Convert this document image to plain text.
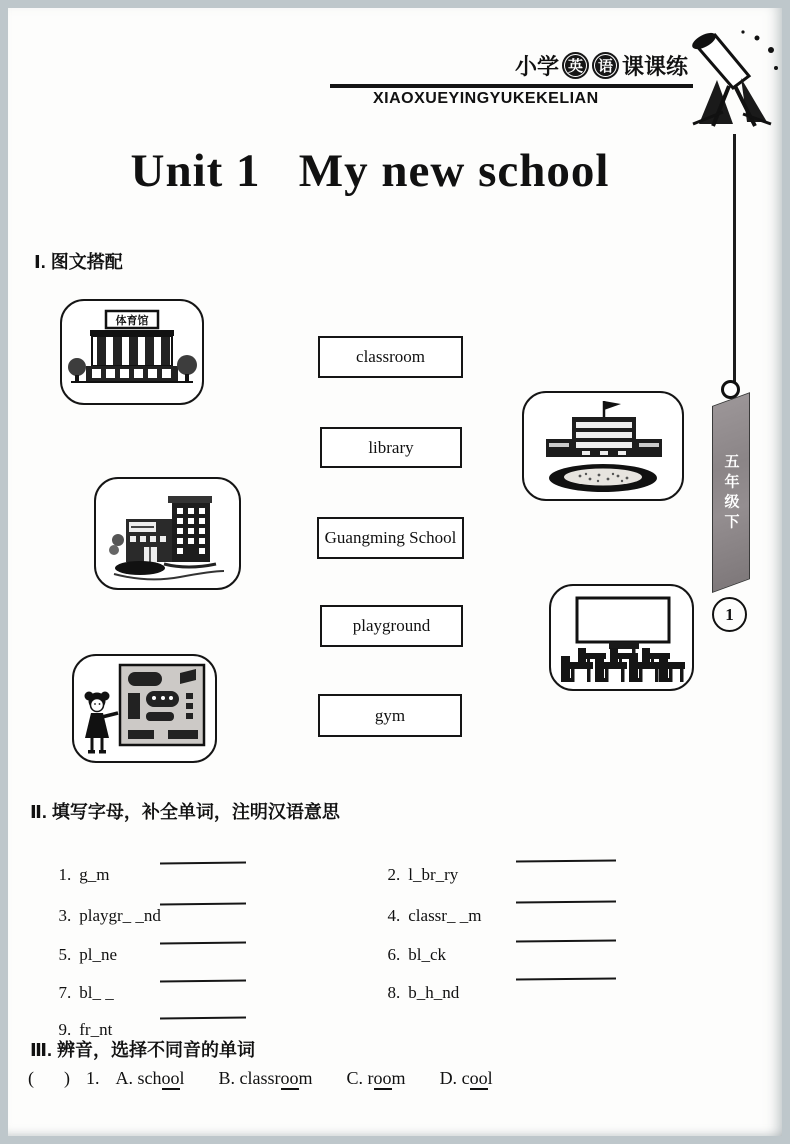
小学 英 语 课课练
XIAOXUEYINGYUKEKELIAN
五年级下
1
Unit 1   My new school
Ⅰ. 图文搭配
体育馆
classroom
library
Guangming School
playground
gym
Ⅱ. 填写字母，补全单词，注明汉语意思

1. g_m

3. playgr_ _nd

5. pl_ne

7. bl_ _

9. fr_nt

2. l_br_ry

4. classr_ _m

6. bl_ck

8. b_h_nd

Ⅲ. 辨音，选择不同音的单词
( ) 1. A. school B. classroom C. room D. cool
